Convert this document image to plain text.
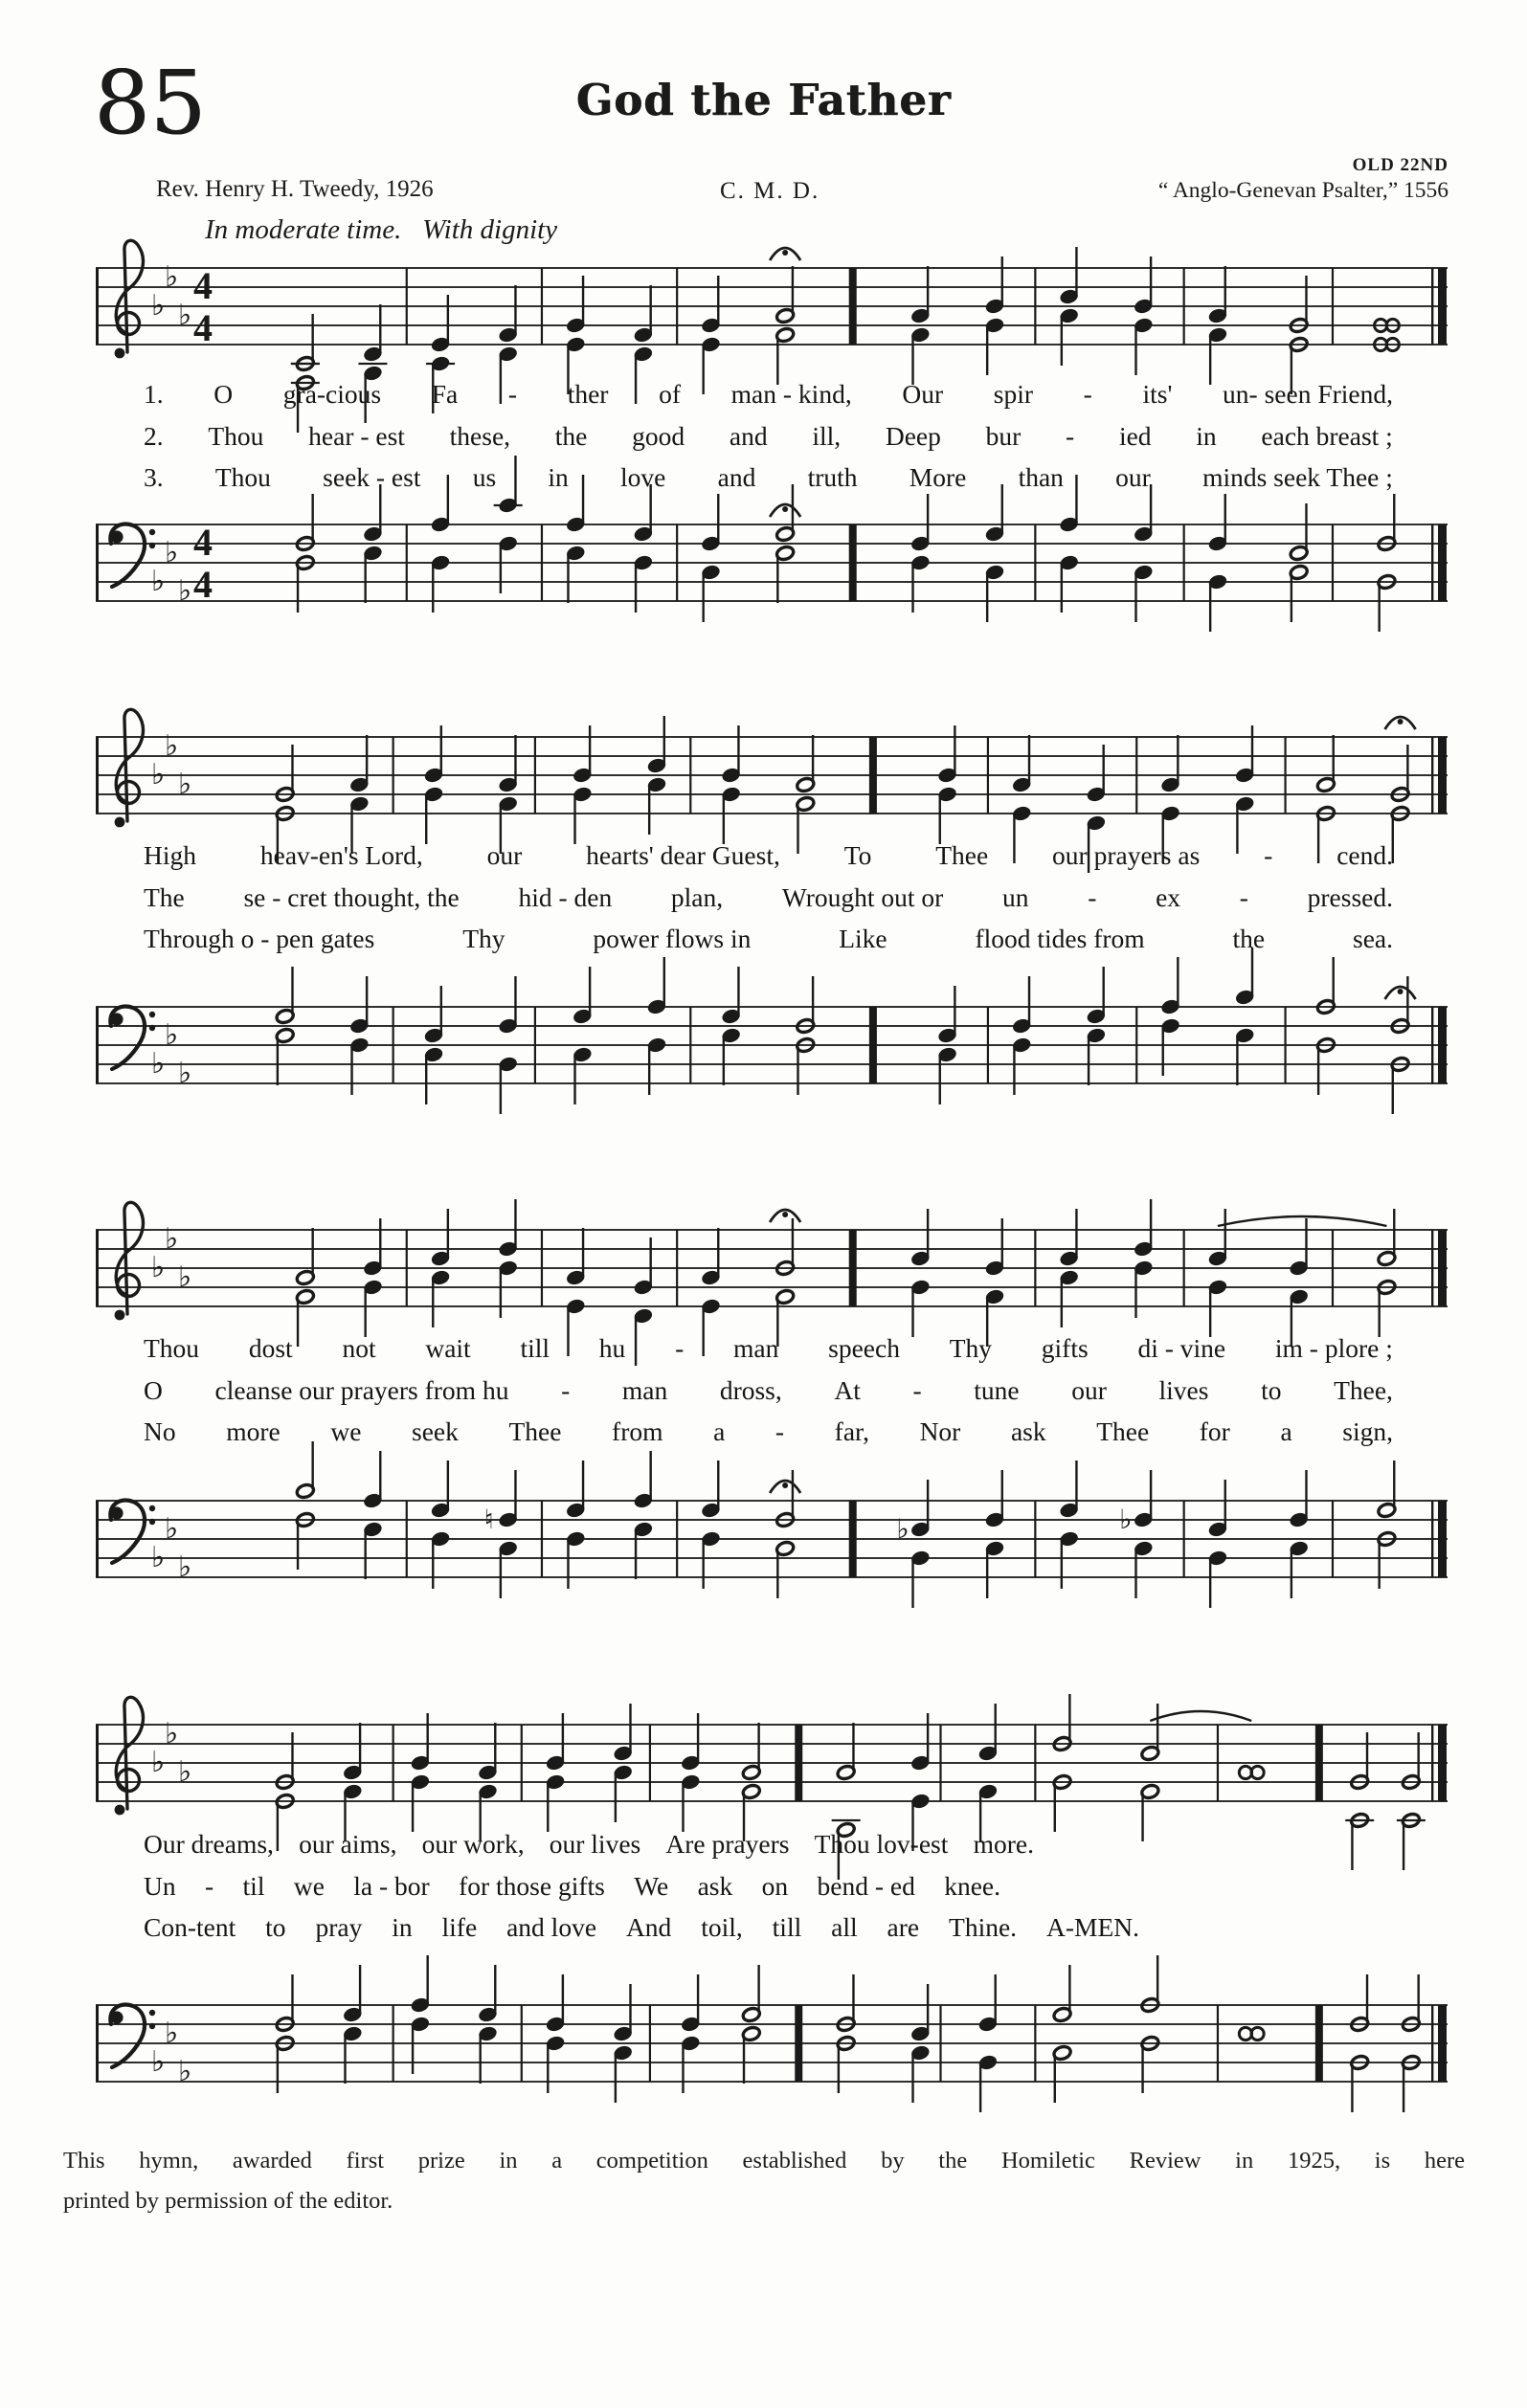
85	God the Father
Rev. Henry H. Tweedy, 1926	C. M. D.
OLD 22ND
“ Anglo-Genevan Psalter,” 1556
In moderate time.   With dignity
♭
♭
♭
4
4
♭
♭
♭
4
4
1. O gra-cious Fa - ther of man - kind, Our spir - its' un- seen Friend,
2. Thou hear - est these, the good and ill, Deep bur - ied in each breast ;
3. Thou seek - est us in love and truth More than our minds seek Thee ;
♭
♭
♭
♭
♭
♭
High heav-en's Lord, our hearts' dear Guest, To Thee our prayers as - cend.
The se - cret thought, the hid - den plan, Wrought out or un - ex - pressed.
Through o - pen gates	Thy	power flows in	Like	flood tides from	the	sea.
♭
♭
♭
♭
♭
♭
♮	♭	♭
Thou dost not wait till hu - man speech Thy gifts di - vine im - plore ;
O cleanse our prayers from hu - man dross, At - tune our lives to Thee,
No more we seek Thee from a - far, Nor ask Thee for a sign,
♭
♭
♭
♭
♭
♭
Our dreams, our aims, our work, our lives Are prayers Thou lov-est more.
Un - til we la - bor for those gifts We ask on bend - ed knee.
Con-tent to pray in life and love And toil, till all are Thine. A-MEN.
This hymn, awarded first prize in a competition established by the Homiletic Review in 1925, is here
printed by permission of the editor.
